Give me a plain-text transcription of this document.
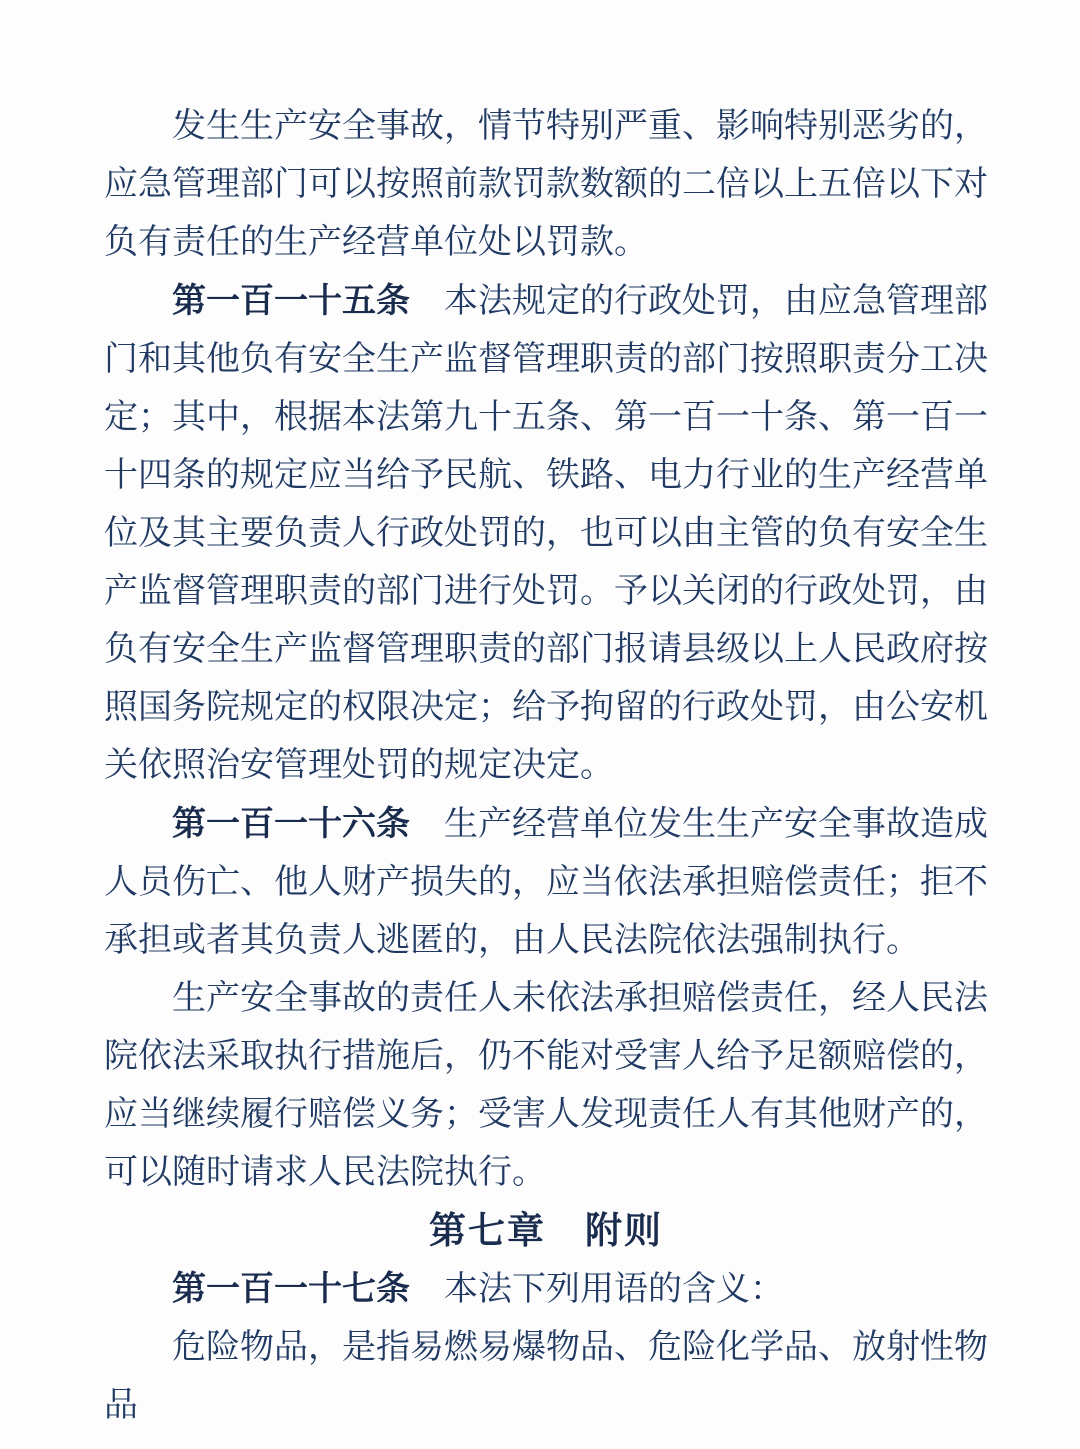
发生生产安全事故，情节特别严重、影响特别恶劣的，应急管理部门可以按照前款罚款数额的二倍以上五倍以下对负有责任的生产经营单位处以罚款。

第一百一十五条　本法规定的行政处罚，由应急管理部门和其他负有安全生产监督管理职责的部门按照职责分工决定；其中，根据本法第九十五条、第一百一十条、第一百一十四条的规定应当给予民航、铁路、电力行业的生产经营单位及其主要负责人行政处罚的，也可以由主管的负有安全生产监督管理职责的部门进行处罚。予以关闭的行政处罚，由负有安全生产监督管理职责的部门报请县级以上人民政府按照国务院规定的权限决定；给予拘留的行政处罚，由公安机关依照治安管理处罚的规定决定。

第一百一十六条　生产经营单位发生生产安全事故造成人员伤亡、他人财产损失的，应当依法承担赔偿责任；拒不承担或者其负责人逃匿的，由人民法院依法强制执行。

生产安全事故的责任人未依法承担赔偿责任，经人民法院依法采取执行措施后，仍不能对受害人给予足额赔偿的，应当继续履行赔偿义务；受害人发现责任人有其他财产的，可以随时请求人民法院执行。

第七章　附则

第一百一十七条　本法下列用语的含义：

危险物品，是指易燃易爆物品、危险化学品、放射性物品
